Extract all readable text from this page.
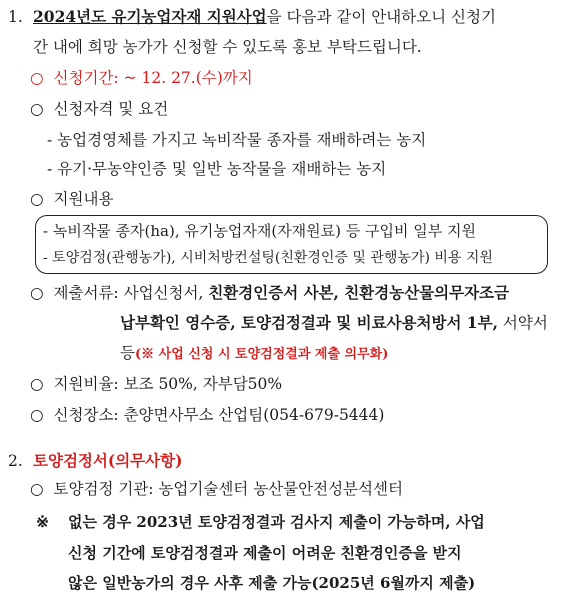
1. 2024년도 유기농업자재 지원사업을 다음과 같이 안내하오니 신청기
간 내에 희망 농가가 신청할 수 있도록 홍보 부탁드립니다.
○ 신청기간: ~ 12. 27.(수)까지
○ 신청자격 및 요건
- 농업경영체를 가지고 녹비작물 종자를 재배하려는 농지
- 유기·무농약인증 및 일반 농작물을 재배하는 농지
○ 지원내용
- 녹비작물 종자(ha), 유기농업자재(자재원료) 등 구입비 일부 지원
- 토양검정(관행농가), 시비처방컨설팅(친환경인증 및 관행농가) 비용 지원
○ 제출서류: 사업신청서, 친환경인증서 사본, 친환경농산물의무자조금
납부확인 영수증, 토양검정결과 및 비료사용처방서 1부, 서약서
등(※ 사업 신청 시 토양검정결과 제출 의무화)
○ 지원비율: 보조 50%, 자부담50%
○ 신청장소: 춘양면사무소 산업팀(054-679-5444)
2. 토양검정서(의무사항)
○ 토양검정 기관: 농업기술센터 농산물안전성분석센터
※ 없는 경우 2023년 토양검정결과 검사지 제출이 가능하며, 사업
신청 기간에 토양검정결과 제출이 어려운 친환경인증을 받지
않은 일반농가의 경우 사후 제출 가능(2025년 6월까지 제출)
